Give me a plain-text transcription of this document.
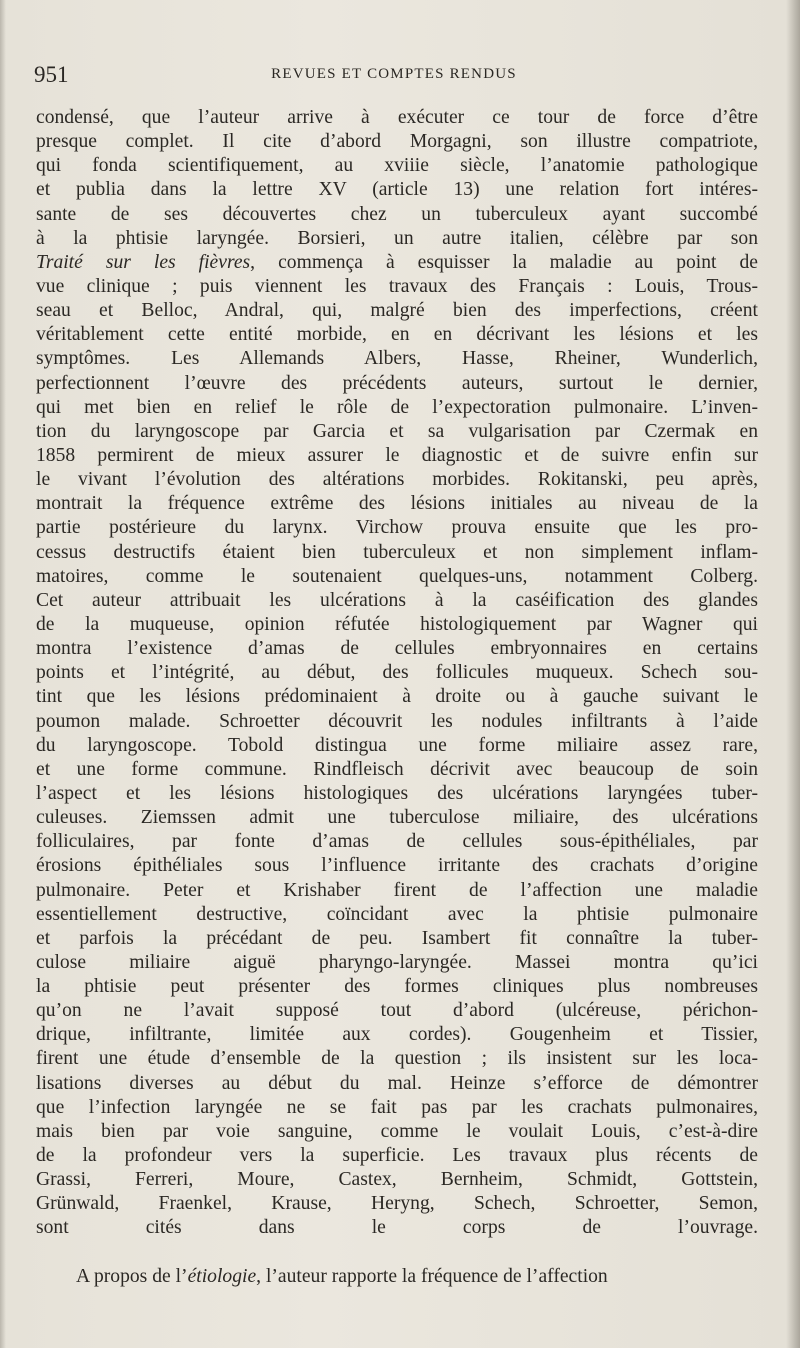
951	REVUES ET COMPTES RENDUS
condensé, que l’auteur arrive à exécuter ce tour de force d’être
presque complet. Il cite d’abord Morgagni, son illustre compatriote,
qui fonda scientifiquement, au xviiie siècle, l’anatomie pathologique
et publia dans la lettre XV (article 13) une relation fort intéres-
sante de ses découvertes chez un tuberculeux ayant succombé
à la phtisie laryngée. Borsieri, un autre italien, célèbre par son
Traité sur les fièvres, commença à esquisser la maladie au point de
vue clinique ; puis viennent les travaux des Français : Louis, Trous-
seau et Belloc, Andral, qui, malgré bien des imperfections, créent
véritablement cette entité morbide, en en décrivant les lésions et les
symptômes. Les Allemands Albers, Hasse, Rheiner, Wunderlich,
perfectionnent l’œuvre des précédents auteurs, surtout le dernier,
qui met bien en relief le rôle de l’expectoration pulmonaire. L’inven-
tion du laryngoscope par Garcia et sa vulgarisation par Czermak en
1858 permirent de mieux assurer le diagnostic et de suivre enfin sur
le vivant l’évolution des altérations morbides. Rokitanski, peu après,
montrait la fréquence extrême des lésions initiales au niveau de la
partie postérieure du larynx. Virchow prouva ensuite que les pro-
cessus destructifs étaient bien tuberculeux et non simplement inflam-
matoires, comme le soutenaient quelques-uns, notamment Colberg.
Cet auteur attribuait les ulcérations à la caséification des glandes
de la muqueuse, opinion réfutée histologiquement par Wagner qui
montra l’existence d’amas de cellules embryonnaires en certains
points et l’intégrité, au début, des follicules muqueux. Schech sou-
tint que les lésions prédominaient à droite ou à gauche suivant le
poumon malade. Schroetter découvrit les nodules infiltrants à l’aide
du laryngoscope. Tobold distingua une forme miliaire assez rare,
et une forme commune. Rindfleisch décrivit avec beaucoup de soin
l’aspect et les lésions histologiques des ulcérations laryngées tuber-
culeuses. Ziemssen admit une tuberculose miliaire, des ulcérations
folliculaires, par fonte d’amas de cellules sous-épithéliales, par
érosions épithéliales sous l’influence irritante des crachats d’origine
pulmonaire. Peter et Krishaber firent de l’affection une maladie
essentiellement destructive, coïncidant avec la phtisie pulmonaire
et parfois la précédant de peu. Isambert fit connaître la tuber-
culose miliaire aiguë pharyngo-laryngée. Massei montra qu’ici
la phtisie peut présenter des formes cliniques plus nombreuses
qu’on ne l’avait supposé tout d’abord (ulcéreuse, périchon-
drique, infiltrante, limitée aux cordes). Gougenheim et Tissier,
firent une étude d’ensemble de la question ; ils insistent sur les loca-
lisations diverses au début du mal. Heinze s’efforce de démontrer
que l’infection laryngée ne se fait pas par les crachats pulmonaires,
mais bien par voie sanguine, comme le voulait Louis, c’est-à-dire
de la profondeur vers la superficie. Les travaux plus récents de
Grassi, Ferreri, Moure, Castex, Bernheim, Schmidt, Gottstein,
Grünwald, Fraenkel, Krause, Heryng, Schech, Schroetter, Semon,
sont cités dans le corps de l’ouvrage.
A propos de l’étiologie, l’auteur rapporte la fréquence de l’affection
